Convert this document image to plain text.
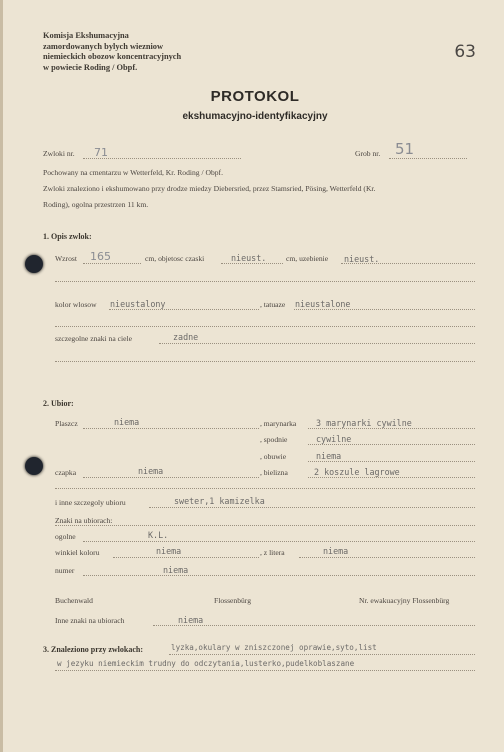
Komisja Ekshumacyjna
zamordowanych bylych wiezniow
niemieckich obozow koncentracyjnych
w powiecie Roding / Obpf.
63
PROTOKOL
ekshumacyjno-identyfikacyjny
Zwloki nr. 71	Grob nr. 51
Pochowany na cmentarzu w Wetterfeld, Kr. Roding / Obpf.
Zwloki znaleziono i ekshumowano przy drodze miedzy Diebersried, przez Stamsried, Pösing, Wetterfeld (Kr.
Roding), ogolna przestrzen 11 km.
1. Opis zwlok:
Wzrost 165	cm, objetosc czaski	nieust.	cm, uzebienie nieust.
kolor wlosow nieustalony	, tatuaze nieustalone
szczegolne znaki na ciele	zadne
2. Ubior:
Plaszcz	niema	, marynarka 3 marynarki cywilne
, spodnie	cywilne
, obuwie	niema
czapka	niema	, bielizna	2 koszule lagrowe
i inne szczegoly ubioru	sweter,1 kamizelka
Znaki na ubiorach:
ogolne	K.L.
winkiel koloru	niema	, z litera	niema
numer	niema
Buchenwald	Flossenbürg	Nr. ewakuacyjny Flossenbürg
Inne znaki na ubiorach	niema
3. Znaleziono przy zwlokach:	lyzka,okulary w zniszczonej oprawie,syto,list
w jezyku niemieckim trudny do odczytania,lusterko,pudelkoblaszane
